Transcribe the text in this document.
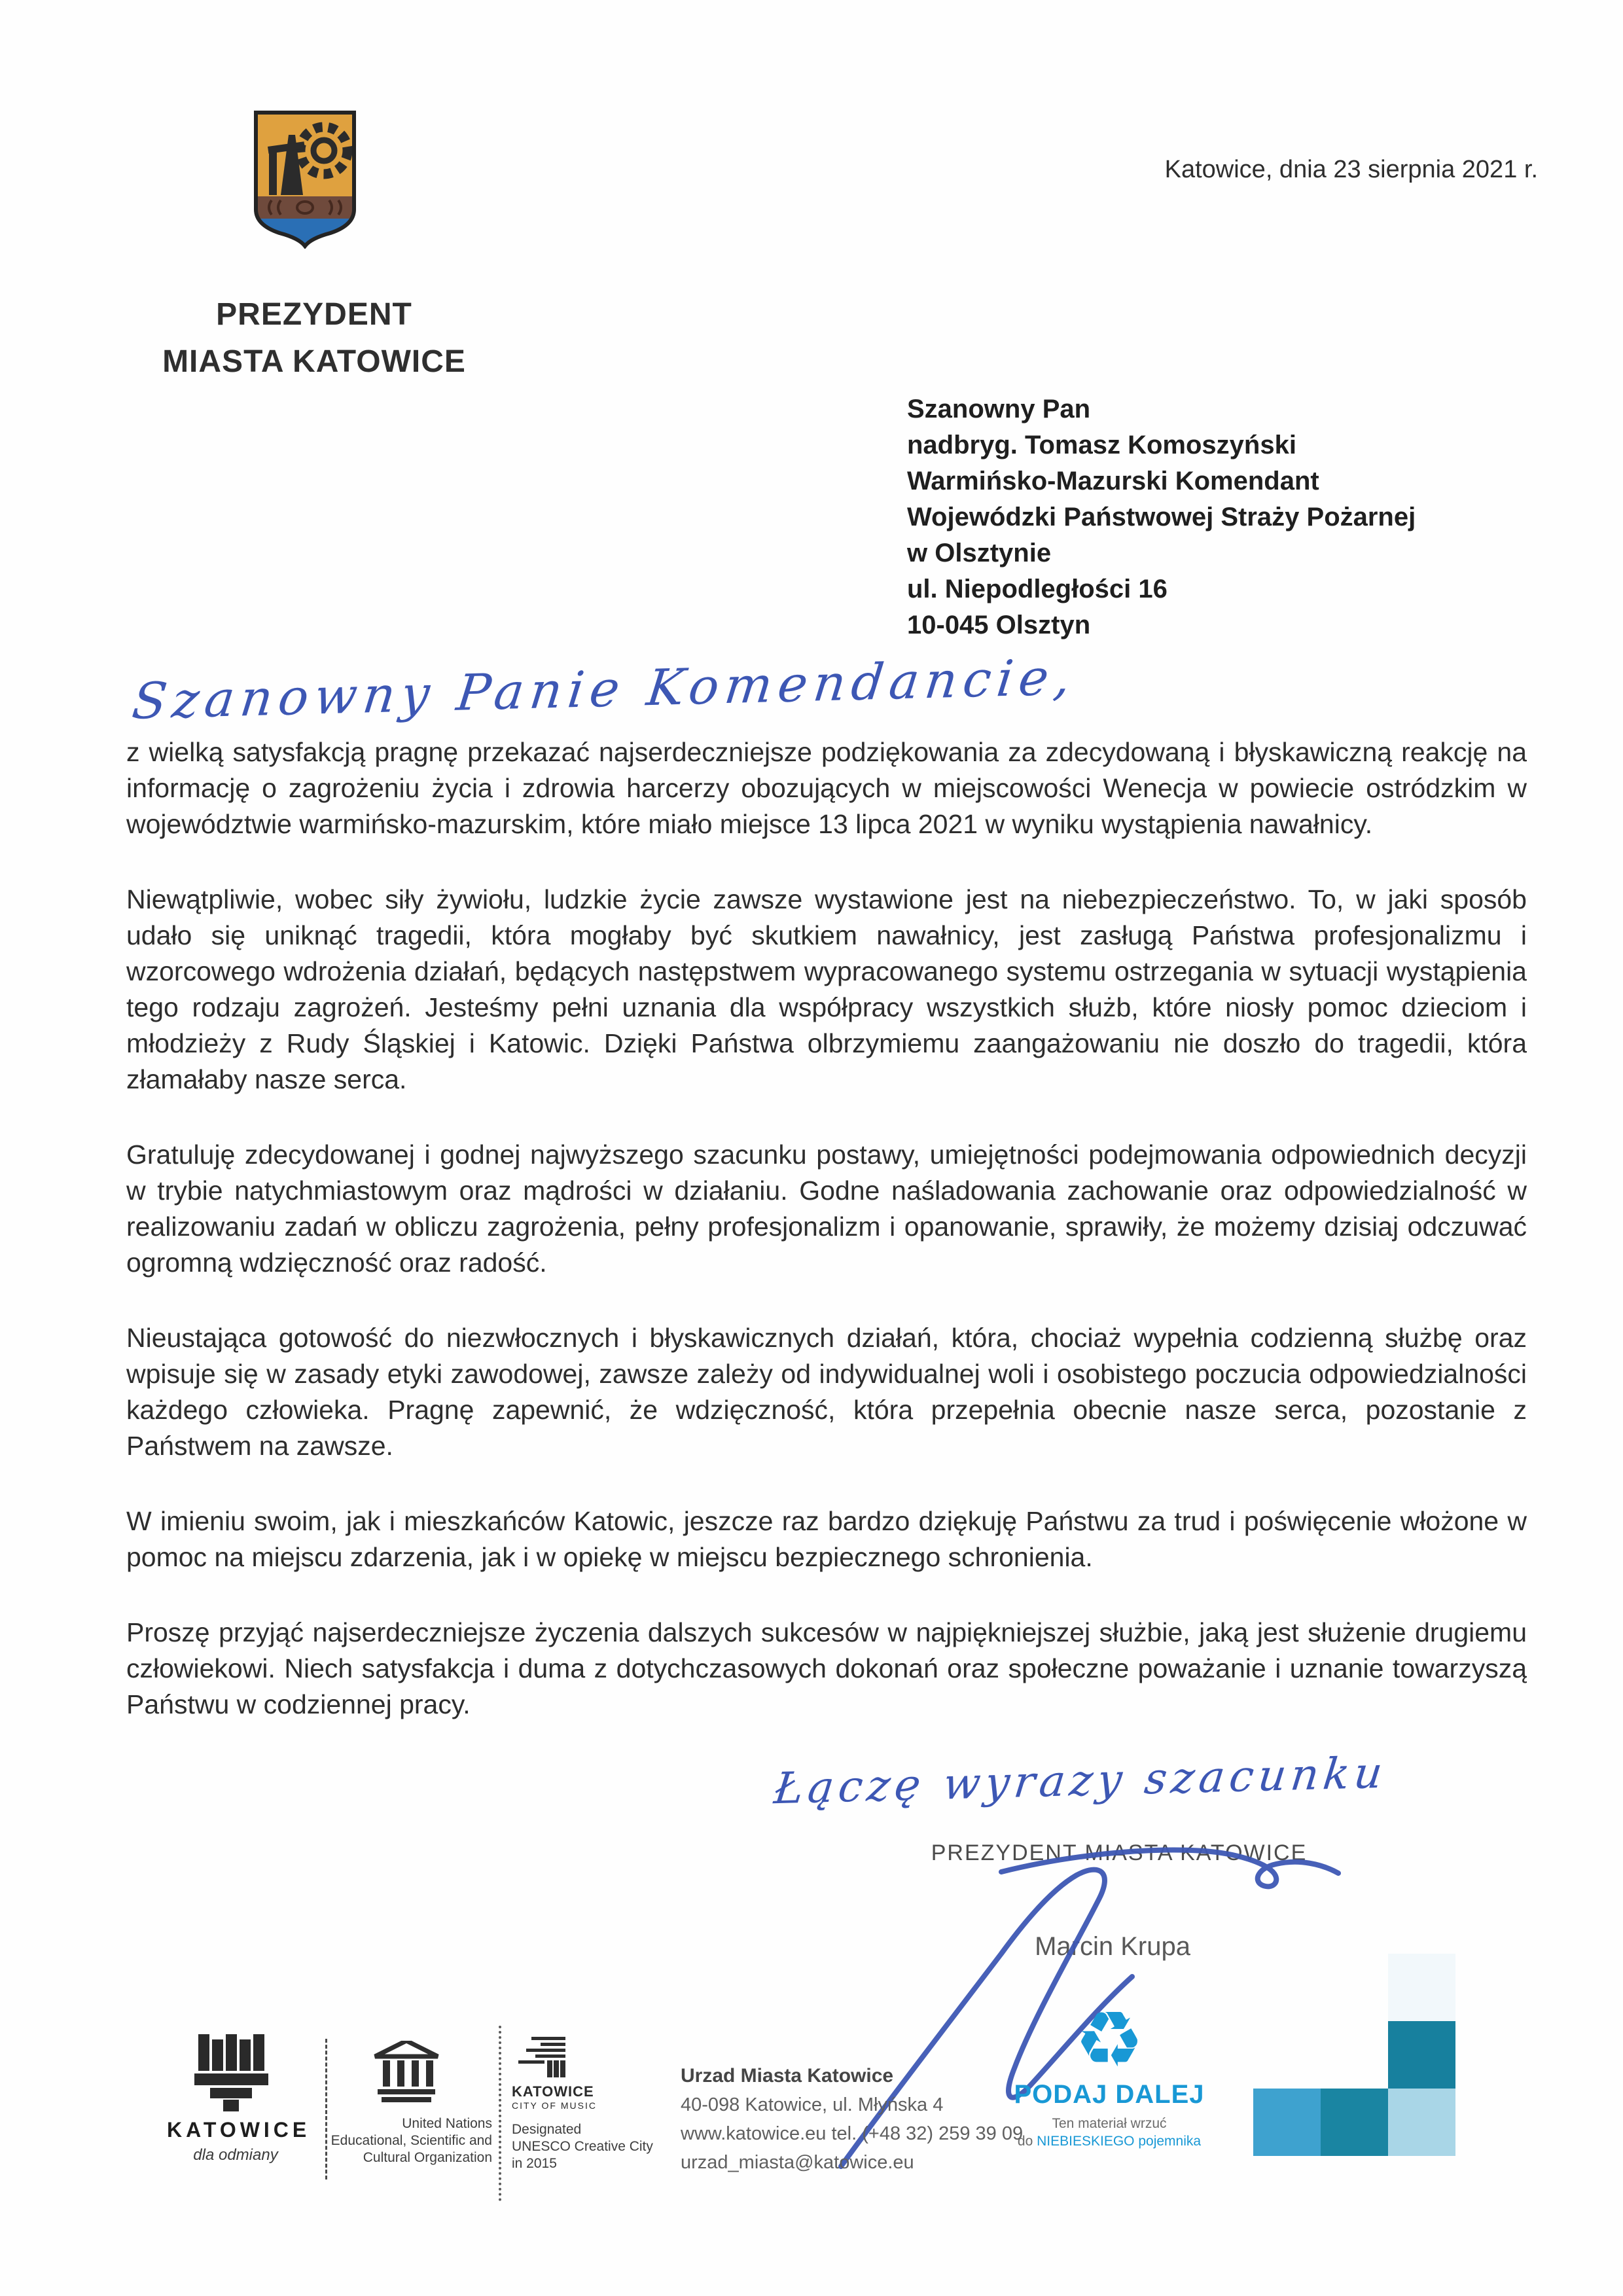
PREZYDENT
MIASTA KATOWICE
Katowice, dnia 23 sierpnia 2021 r.
Szanowny Pan
nadbryg. Tomasz Komoszyński
Warmińsko-Mazurski Komendant
Wojewódzki Państwowej Straży Pożarnej
w Olsztynie
ul. Niepodległości 16
10-045 Olsztyn
Szanowny Panie Komendancie,

z wielką satysfakcją pragnę przekazać najserdeczniejsze podziękowania za zdecydowaną i błyskawiczną reakcję na informację o zagrożeniu życia i zdrowia harcerzy obozujących w miejscowości Wenecja w powiecie ostródzkim w województwie warmińsko-mazurskim, które miało miejsce 13 lipca 2021 w wyniku wystąpienia nawałnicy.

Niewątpliwie, wobec siły żywiołu, ludzkie życie zawsze wystawione jest na niebezpieczeństwo. To, w jaki sposób udało się uniknąć tragedii, która mogłaby być skutkiem nawałnicy, jest zasługą Państwa profesjonalizmu i wzorcowego wdrożenia działań, będących następstwem wypracowanego systemu ostrzegania w sytuacji wystąpienia tego rodzaju zagrożeń. Jesteśmy pełni uznania dla współpracy wszystkich służb, które niosły pomoc dzieciom i młodzieży z Rudy Śląskiej i Katowic. Dzięki Państwa olbrzymiemu zaangażowaniu nie doszło do tragedii, która złamałaby nasze serca.

Gratuluję zdecydowanej i godnej najwyższego szacunku postawy, umiejętności podejmowania odpowiednich decyzji w trybie natychmiastowym oraz mądrości w działaniu. Godne naśladowania zachowanie oraz odpowiedzialność w realizowaniu zadań w obliczu zagrożenia, pełny profesjonalizm i opanowanie, sprawiły, że możemy dzisiaj odczuwać ogromną wdzięczność oraz radość.

Nieustająca gotowość do niezwłocznych i błyskawicznych działań, która, chociaż wypełnia codzienną służbę oraz wpisuje się w zasady etyki zawodowej, zawsze zależy od indywidualnej woli i osobistego poczucia odpowiedzialności każdego człowieka. Pragnę zapewnić, że wdzięczność, która przepełnia obecnie nasze serca, pozostanie z Państwem na zawsze.

W imieniu swoim, jak i mieszkańców Katowic, jeszcze raz bardzo dziękuję Państwu za trud i poświęcenie włożone w pomoc na miejscu zdarzenia, jak i w opiekę w miejscu bezpiecznego schronienia.

Proszę przyjąć najserdeczniejsze życzenia dalszych sukcesów w najpiękniejszej służbie, jaką jest służenie drugiemu człowiekowi. Niech satysfakcja i duma z dotychczasowych dokonań oraz społeczne poważanie i uznanie towarzyszą Państwu w codziennej pracy.

Łączę wyrazy szacunku
PREZYDENT MIASTA KATOWICE
Marcin Krupa
KATOWICE
dla odmiany
United Nations
Educational, Scientific and
Cultural Organization
KATOWICE
CITY OF MUSIC
Designated
UNESCO Creative City
in 2015
Urzad Miasta Katowice
40-098 Katowice, ul. Młyńska 4
www.katowice.eu tel. (+48 32) 259 39 09
urzad_miasta@katowice.eu
♻
PODAJ DALEJ
Ten materiał wrzuć
do NIEBIESKIEGO pojemnika
